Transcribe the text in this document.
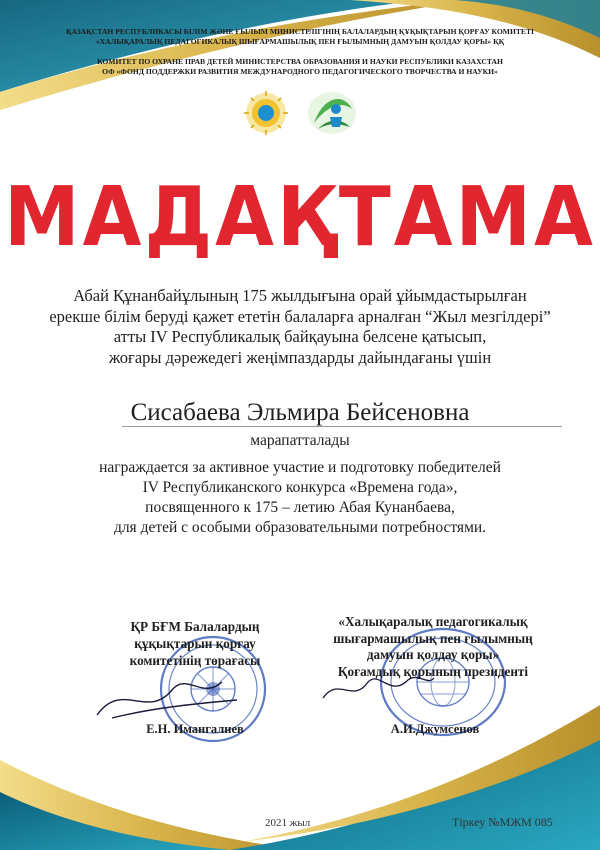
ҚАЗАҚСТАН РЕСПУБЛИКАСЫ БІЛІМ ЖӘНЕ ҒЫЛЫМ МИНИСТРЛІГІНІҢ БАЛАЛАРДЫҢ ҚҰҚЫҚТАРЫН ҚОРҒАУ КОМИТЕТІ
«ХАЛЫҚАРАЛЫҚ ПЕДАГОГИКАЛЫҚ ШЫҒАРМАШЫЛЫҚ ПЕН ҒЫЛЫМНЫҢ ДАМУЫН ҚОЛДАУ ҚОРЫ» ҚҚ
КОМИТЕТ ПО ОХРАНЕ ПРАВ ДЕТЕЙ МИНИСТЕРСТВА ОБРАЗОВАНИЯ И НАУКИ РЕСПУБЛИКИ КАЗАХСТАН
ОФ «ФОНД ПОДДЕРЖКИ РАЗВИТИЯ МЕЖДУНАРОДНОГО ПЕДАГОГИЧЕСКОГО ТВОРЧЕСТВА И НАУКИ»
МАДАҚТАМА
Абай Құнанбайұлының 175 жылдығына орай ұйымдастырылған
ерекше білім беруді қажет ететін балаларға арналған “Жыл мезгілдері”
атты IV Республикалық байқауына белсене қатысып,
жоғары дәрежедегі жеңімпаздарды дайындағаны үшін
Сисабаева Эльмира Бейсеновна
марапатталады
награждается за активное участие и подготовку победителей
IV Республиканского конкурса «Времена года»,
посвященного к 175 – летию Абая Кунанбаева,
для детей с особыми образовательными потребностями.
ҚР БҒМ Балалардың
құқықтарын қорғау
комитетінің төрағасы
«Халықаралық педагогикалық
шығармашылық пен ғылымның
дамуын қолдау қоры»
Қоғамдық қорының президенті
Е.Н. Имангалиев	А.И.Джумсенов
2021 жыл	Тіркеу №МЖМ 085
